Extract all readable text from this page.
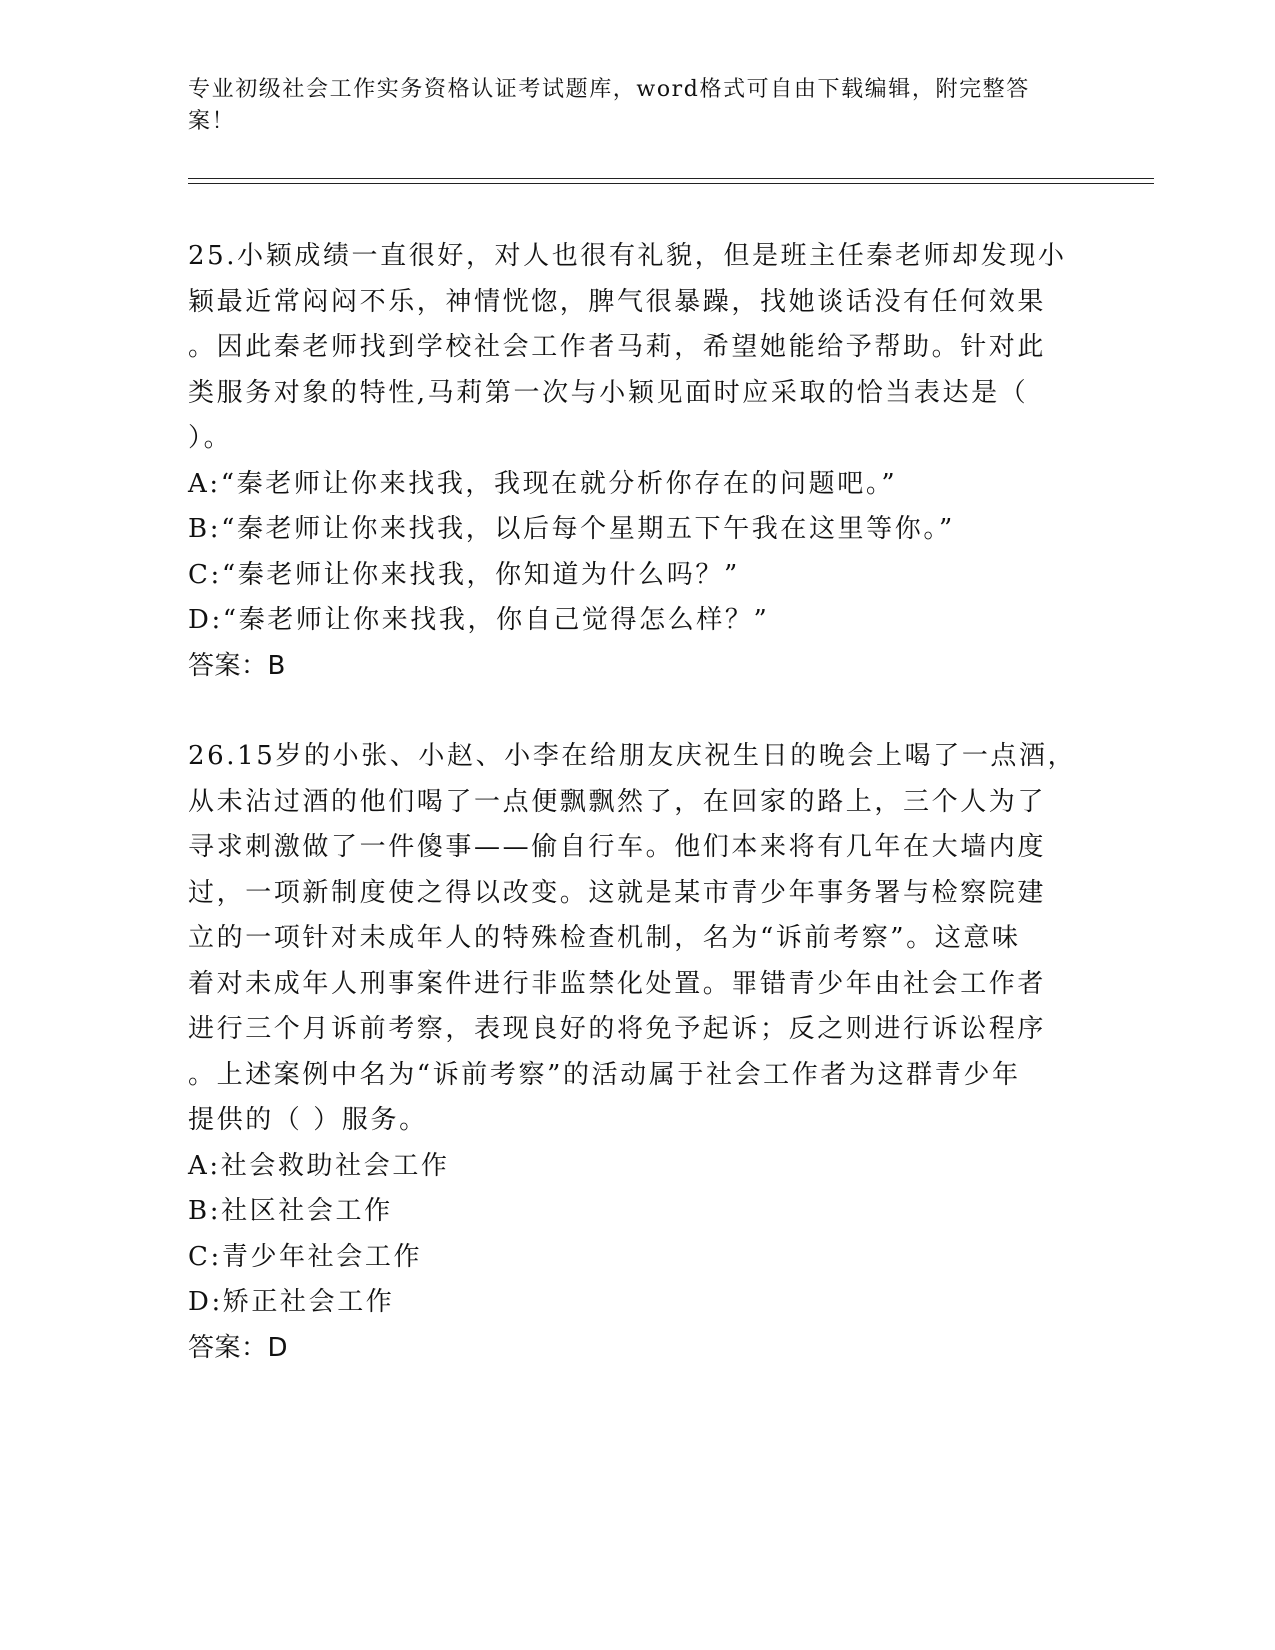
专业初级社会工作实务资格认证考试题库，word格式可自由下载编辑，附完整答案！
25.小颖成绩一直很好，对人也很有礼貌，但是班主任秦老师却发现小
颖最近常闷闷不乐，神情恍惚，脾气很暴躁，找她谈话没有任何效果
。因此秦老师找到学校社会工作者马莉，希望她能给予帮助。针对此
类服务对象的特性,马莉第一次与小颖见面时应采取的恰当表达是（
）。
A:“秦老师让你来找我，我现在就分析你存在的问题吧。”
B:“秦老师让你来找我，以后每个星期五下午我在这里等你。”
C:“秦老师让你来找我，你知道为什么吗？”
D:“秦老师让你来找我，你自己觉得怎么样？”
答案：B
26.15岁的小张、小赵、小李在给朋友庆祝生日的晚会上喝了一点酒，
从未沾过酒的他们喝了一点便飘飘然了，在回家的路上，三个人为了
寻求刺激做了一件傻事——偷自行车。他们本来将有几年在大墙内度
过，一项新制度使之得以改变。这就是某市青少年事务署与检察院建
立的一项针对未成年人的特殊检查机制，名为“诉前考察”。这意味
着对未成年人刑事案件进行非监禁化处置。罪错青少年由社会工作者
进行三个月诉前考察，表现良好的将免予起诉；反之则进行诉讼程序
。上述案例中名为“诉前考察”的活动属于社会工作者为这群青少年
提供的（ ）服务。
A:社会救助社会工作
B:社区社会工作
C:青少年社会工作
D:矫正社会工作
答案：D
